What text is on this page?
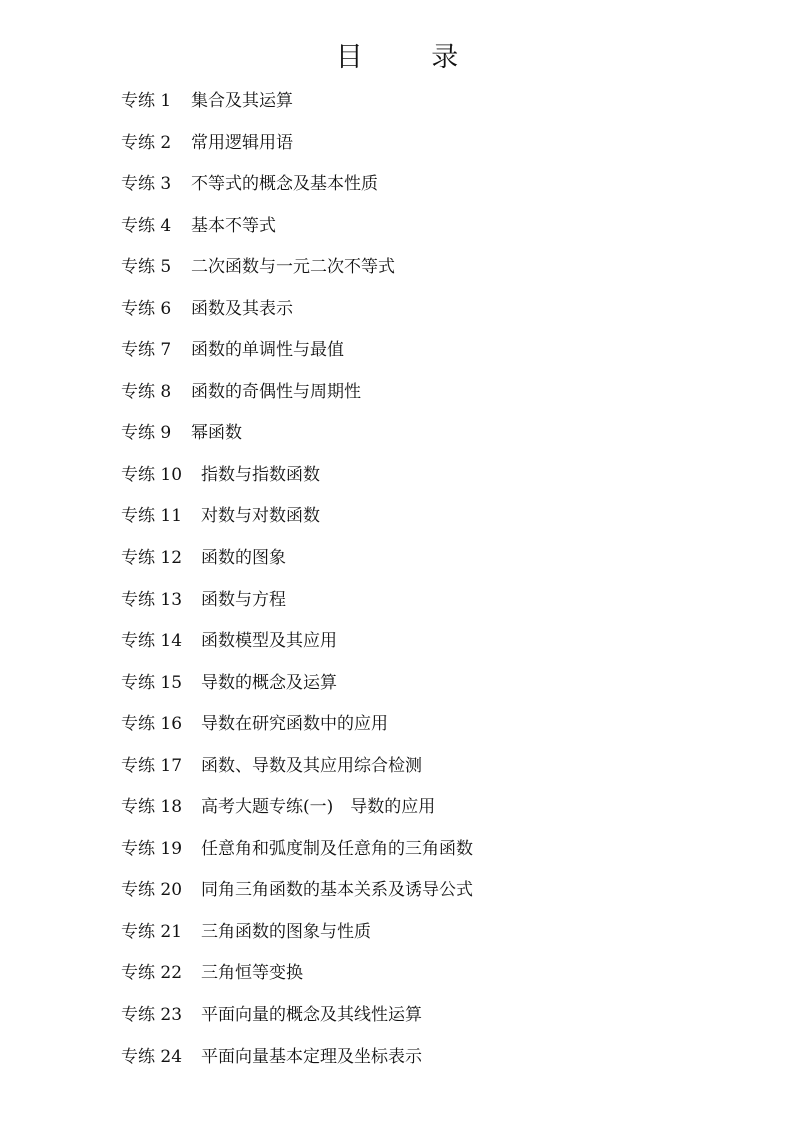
目 录
专练 1	集合及其运算
专练 2	常用逻辑用语
专练 3	不等式的概念及基本性质
专练 4	基本不等式
专练 5	二次函数与一元二次不等式
专练 6	函数及其表示
专练 7	函数的单调性与最值
专练 8	函数的奇偶性与周期性
专练 9	幂函数
专练 10	指数与指数函数
专练 11	对数与对数函数
专练 12	函数的图象
专练 13	函数与方程
专练 14	函数模型及其应用
专练 15	导数的概念及运算
专练 16	导数在研究函数中的应用
专练 17	函数、导数及其应用综合检测
专练 18	高考大题专练(一)　导数的应用
专练 19	任意角和弧度制及任意角的三角函数
专练 20	同角三角函数的基本关系及诱导公式
专练 21	三角函数的图象与性质
专练 22	三角恒等变换
专练 23	平面向量的概念及其线性运算
专练 24	平面向量基本定理及坐标表示
